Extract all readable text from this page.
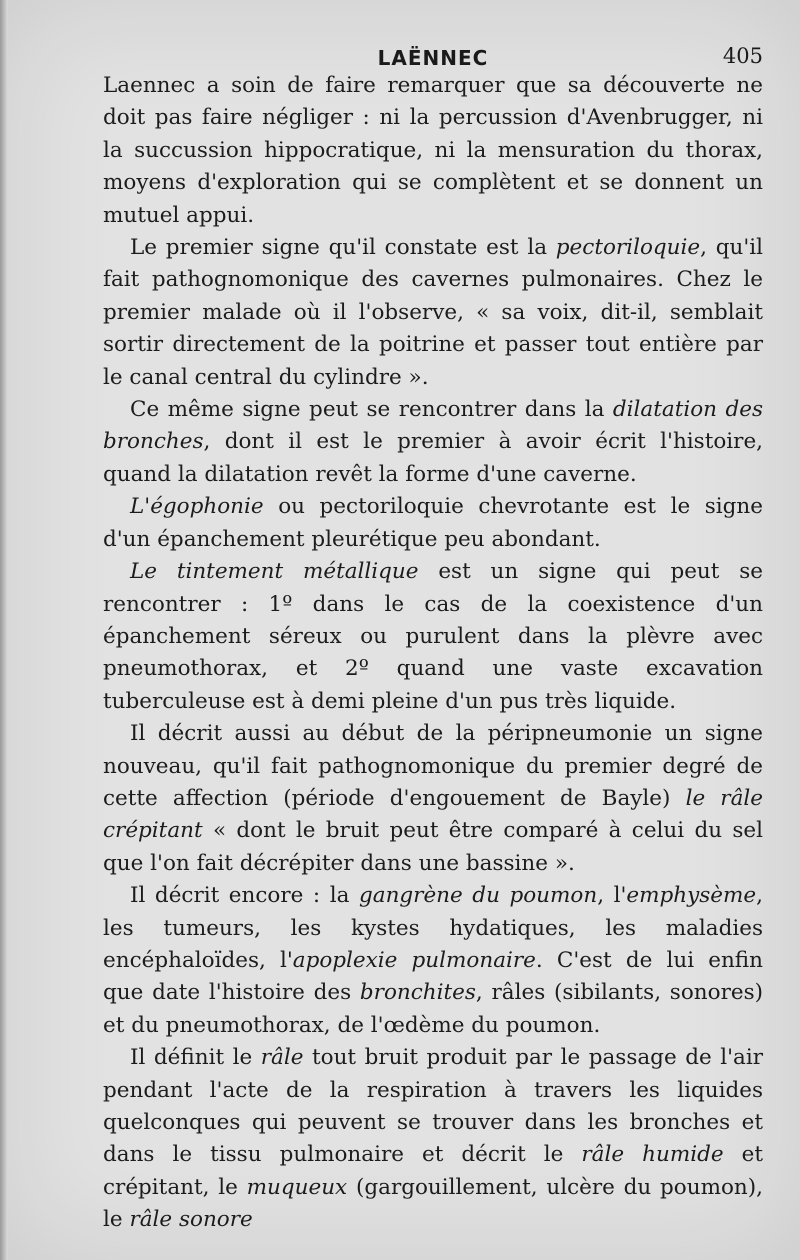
LAËNNEC	405

Laennec a soin de faire remarquer que sa découverte ne doit pas faire négliger : ni la percussion d'Avenbrugger, ni la succussion hippocratique, ni la mensuration du thorax, moyens d'exploration qui se complètent et se donnent un mutuel appui.

Le premier signe qu'il constate est la pectoriloquie, qu'il fait pathognomonique des cavernes pulmonaires. Chez le premier malade où il l'observe, « sa voix, dit-il, semblait sortir directement de la poitrine et passer tout entière par le canal central du cylindre ».

Ce même signe peut se rencontrer dans la dilatation des bronches, dont il est le premier à avoir écrit l'histoire, quand la dilatation revêt la forme d'une caverne.

L'égophonie ou pectoriloquie chevrotante est le signe d'un épanchement pleurétique peu abondant.

Le tintement métallique est un signe qui peut se rencontrer : 1º dans le cas de la coexistence d'un épanchement séreux ou purulent dans la plèvre avec pneumothorax, et 2º quand une vaste excavation tuberculeuse est à demi pleine d'un pus très liquide.

Il décrit aussi au début de la péripneumonie un signe nouveau, qu'il fait pathognomonique du premier degré de cette affection (période d'engouement de Bayle) le râle crépitant « dont le bruit peut être comparé à celui du sel que l'on fait décrépiter dans une bassine ».

Il décrit encore : la gangrène du poumon, l'emphysème, les tumeurs, les kystes hydatiques, les maladies encéphaloïdes, l'apoplexie pulmonaire. C'est de lui enfin que date l'histoire des bronchites, râles (sibilants, sonores) et du pneumothorax, de l'œdème du poumon.

Il définit le râle tout bruit produit par le passage de l'air pendant l'acte de la respiration à travers les liquides quelconques qui peuvent se trouver dans les bronches et dans le tissu pulmonaire et décrit le râle humide et crépitant, le muqueux (gargouillement, ulcère du poumon), le râle sonore
